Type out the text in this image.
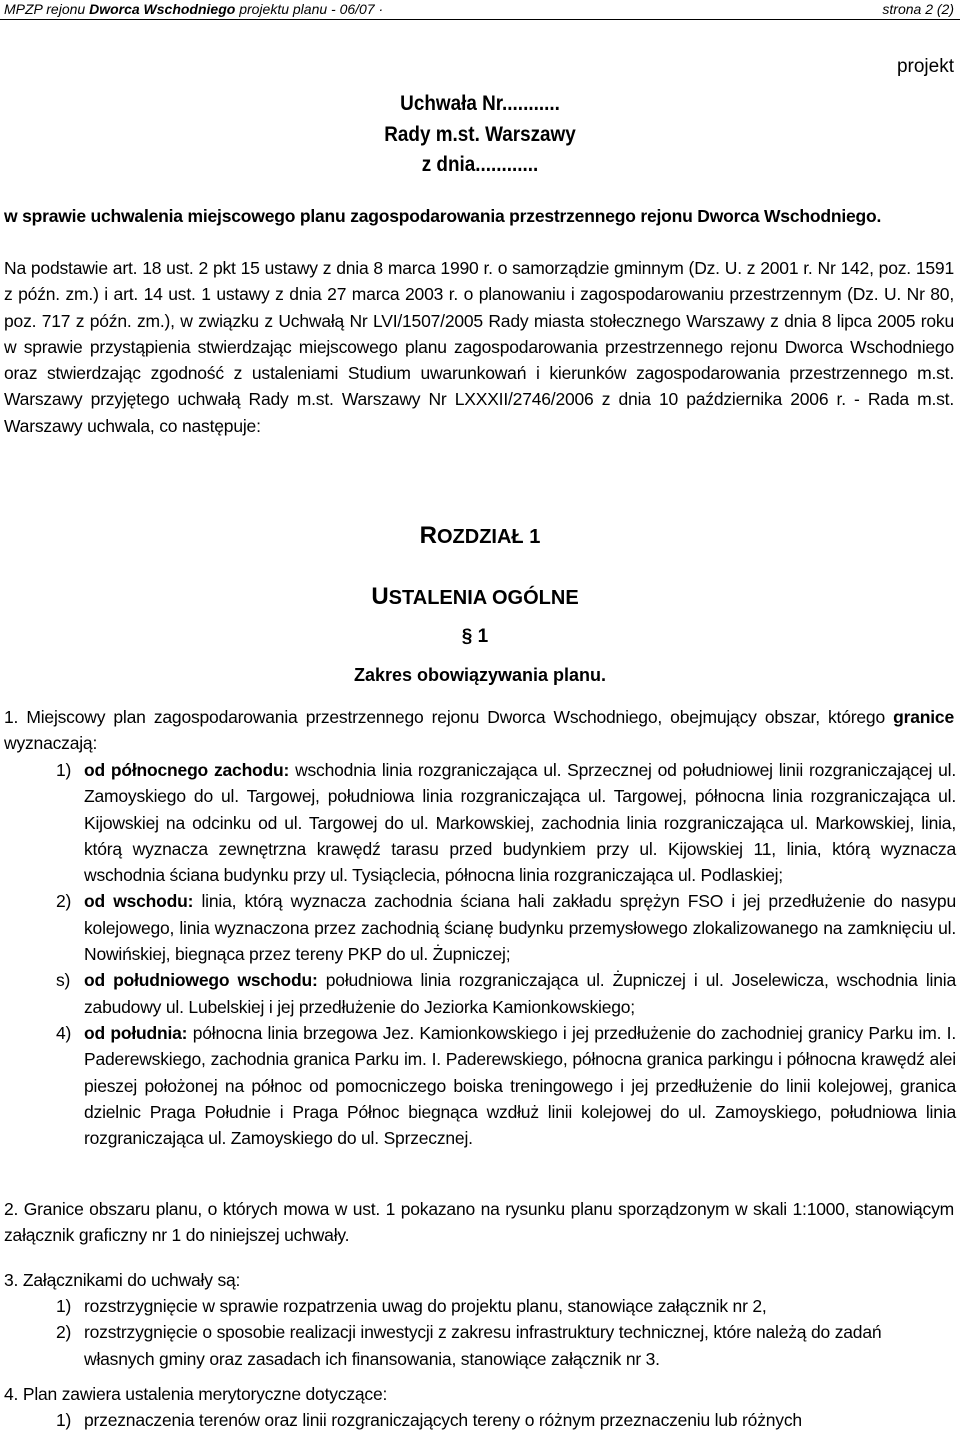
MPZP rejonu Dworca Wschodniego projektu planu - 06/07 ·	strona 2 (2)
projekt
Uchwała Nr...........
Rady m.st. Warszawy
z dnia............
w sprawie uchwalenia miejscowego planu zagospodarowania przestrzennego rejonu Dworca Wschodniego.
Na podstawie art. 18 ust. 2 pkt 15 ustawy z dnia 8 marca 1990 r. o samorządzie gminnym (Dz. U. z 2001 r. Nr 142, poz. 1591 z późn. zm.) i art. 14 ust. 1 ustawy z dnia 27 marca 2003 r. o planowaniu i zagospodarowaniu przestrzennym (Dz. U. Nr 80, poz. 717 z późn. zm.), w związku z Uchwałą Nr LVI/1507/2005 Rady miasta stołecznego Warszawy z dnia 8 lipca 2005 roku w sprawie przystąpienia stwierdzając miejscowego planu zagospodarowania przestrzennego rejonu Dworca Wschodniego oraz stwierdzając zgodność z ustaleniami Studium uwarunkowań i kierunków zagospodarowania przestrzennego m.st. Warszawy przyjętego uchwałą Rady m.st. Warszawy Nr LXXXII/2746/2006 z dnia 10 października 2006 r. - Rada m.st. Warszawy uchwala, co następuje:
ROZDZIAŁ 1
USTALENIA OGÓLNE
§ 1
Zakres obowiązywania planu.
1. Miejscowy plan zagospodarowania przestrzennego rejonu Dworca Wschodniego, obejmujący obszar, którego granice wyznaczają:
1) od północnego zachodu: wschodnia linia rozgraniczająca ul. Sprzecznej od południowej linii rozgraniczającej ul. Zamoyskiego do ul. Targowej, południowa linia rozgraniczająca ul. Targowej, północna linia rozgraniczająca ul. Kijowskiej na odcinku od ul. Targowej do ul. Markowskiej, zachodnia linia rozgraniczająca ul. Markowskiej, linia, którą wyznacza zewnętrzna krawędź tarasu przed budynkiem przy ul. Kijowskiej 11, linia, którą wyznacza wschodnia ściana budynku przy ul. Tysiąclecia, północna linia rozgraniczająca ul. Podlaskiej;
2) od wschodu: linia, którą wyznacza zachodnia ściana hali zakładu sprężyn FSO i jej przedłużenie do nasypu kolejowego, linia wyznaczona przez zachodnią ścianę budynku przemysłowego zlokalizowanego na zamknięciu ul. Nowińskiej, biegnąca przez tereny PKP do ul. Żupniczej;
s) od południowego wschodu: południowa linia rozgraniczająca ul. Żupniczej i ul. Joselewicza, wschodnia linia zabudowy ul. Lubelskiej i jej przedłużenie do Jeziorka Kamionkowskiego;
4) od południa: północna linia brzegowa Jez. Kamionkowskiego i jej przedłużenie do zachodniej granicy Parku im. I. Paderewskiego, zachodnia granica Parku im. I. Paderewskiego, północna granica parkingu i północna krawędź alei pieszej położonej na północ od pomocniczego boiska treningowego i jej przedłużenie do linii kolejowej, granica dzielnic Praga Południe i Praga Północ biegnąca wzdłuż linii kolejowej do ul. Zamoyskiego, południowa linia rozgraniczająca ul. Zamoyskiego do ul. Sprzecznej.
2. Granice obszaru planu, o których mowa w ust. 1 pokazano na rysunku planu sporządzonym w skali 1:1000, stanowiącym załącznik graficzny nr 1 do niniejszej uchwały.
3. Załącznikami do uchwały są:
1) rozstrzygnięcie w sprawie rozpatrzenia uwag do projektu planu, stanowiące załącznik nr 2,
2) rozstrzygnięcie o sposobie realizacji inwestycji z zakresu infrastruktury technicznej, które należą do zadań własnych gminy oraz zasadach ich finansowania, stanowiące załącznik nr 3.
4. Plan zawiera ustalenia merytoryczne dotyczące:
1) przeznaczenia terenów oraz linii rozgraniczających tereny o różnym przeznaczeniu lub różnych
